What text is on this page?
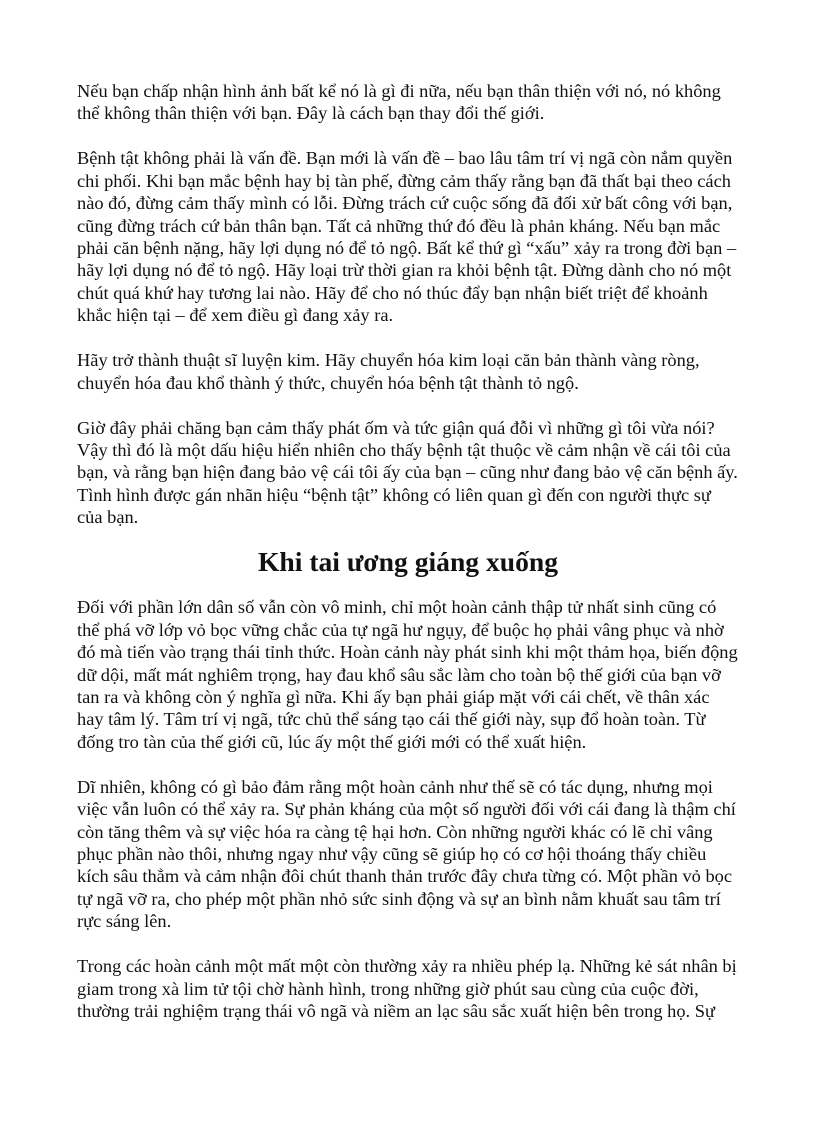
Nếu bạn chấp nhận hình ảnh bất kể nó là gì đi nữa, nếu bạn thân thiện với nó, nó không thể không thân thiện với bạn. Đây là cách bạn thay đổi thế giới.

Bệnh tật không phải là vấn đề. Bạn mới là vấn đề – bao lâu tâm trí vị ngã còn nắm quyền chi phối. Khi bạn mắc bệnh hay bị tàn phế, đừng cảm thấy rằng bạn đã thất bại theo cách nào đó, đừng cảm thấy mình có lỗi. Đừng trách cứ cuộc sống đã đối xử bất công với bạn, cũng đừng trách cứ bản thân bạn. Tất cả những thứ đó đều là phản kháng. Nếu bạn mắc phải căn bệnh nặng, hãy lợi dụng nó để tỏ ngộ. Bất kể thứ gì “xấu” xảy ra trong đời bạn – hãy lợi dụng nó để tỏ ngộ. Hãy loại trừ thời gian ra khỏi bệnh tật. Đừng dành cho nó một chút quá khứ hay tương lai nào. Hãy để cho nó thúc đẩy bạn nhận biết triệt để khoảnh khắc hiện tại – để xem điều gì đang xảy ra.

Hãy trở thành thuật sĩ luyện kim. Hãy chuyển hóa kim loại căn bản thành vàng ròng, chuyển hóa đau khổ thành ý thức, chuyển hóa bệnh tật thành tỏ ngộ.

Giờ đây phải chăng bạn cảm thấy phát ốm và tức giận quá đỗi vì những gì tôi vừa nói? Vậy thì đó là một dấu hiệu hiển nhiên cho thấy bệnh tật thuộc về cảm nhận về cái tôi của bạn, và rằng bạn hiện đang bảo vệ cái tôi ấy của bạn – cũng như đang bảo vệ căn bệnh ấy. Tình hình được gán nhãn hiệu “bệnh tật” không có liên quan gì đến con người thực sự của bạn.

Khi tai ương giáng xuống

Đối với phần lớn dân số vẫn còn vô minh, chỉ một hoàn cảnh thập tử nhất sinh cũng có thể phá vỡ lớp vỏ bọc vững chắc của tự ngã hư ngụy, để buộc họ phải vâng phục và nhờ đó mà tiến vào trạng thái tỉnh thức. Hoàn cảnh này phát sinh khi một thảm họa, biến động dữ dội, mất mát nghiêm trọng, hay đau khổ sâu sắc làm cho toàn bộ thế giới của bạn vỡ tan ra và không còn ý nghĩa gì nữa. Khi ấy bạn phải giáp mặt với cái chết, về thân xác hay tâm lý. Tâm trí vị ngã, tức chủ thể sáng tạo cái thế giới này, sụp đổ hoàn toàn. Từ đống tro tàn của thế giới cũ, lúc ấy một thế giới mới có thể xuất hiện.

Dĩ nhiên, không có gì bảo đảm rằng một hoàn cảnh như thế sẽ có tác dụng, nhưng mọi việc vẫn luôn có thể xảy ra. Sự phản kháng của một số người đối với cái đang là thậm chí còn tăng thêm và sự việc hóa ra càng tệ hại hơn. Còn những người khác có lẽ chỉ vâng phục phần nào thôi, nhưng ngay như vậy cũng sẽ giúp họ có cơ hội thoáng thấy chiều kích sâu thẳm và cảm nhận đôi chút thanh thản trước đây chưa từng có. Một phần vỏ bọc tự ngã vỡ ra, cho phép một phần nhỏ sức sinh động và sự an bình nằm khuất sau tâm trí rực sáng lên.

Trong các hoàn cảnh một mất một còn thường xảy ra nhiều phép lạ. Những kẻ sát nhân bị giam trong xà lim tử tội chờ hành hình, trong những giờ phút sau cùng của cuộc đời, thường trải nghiệm trạng thái vô ngã và niềm an lạc sâu sắc xuất hiện bên trong họ. Sự
